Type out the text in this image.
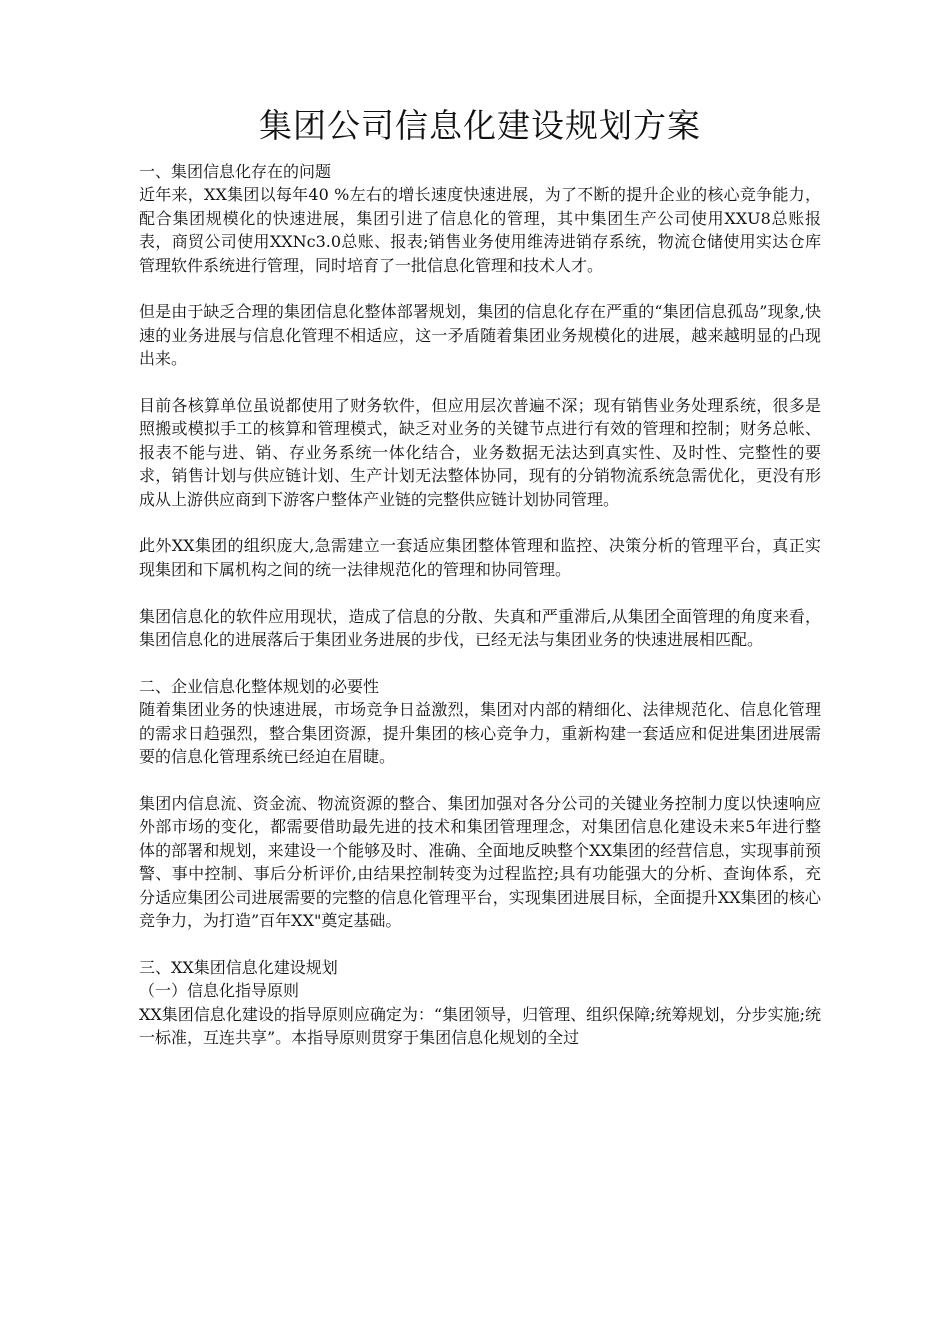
集团公司信息化建设规划方案

一、集团信息化存在的问题

近年来，XX集团以每年40 %左右的增长速度快速进展，为了不断的提升企业的核心竞争能力，配合集团规模化的快速进展，集团引进了信息化的管理，其中集团生产公司使用XXU8总账报表，商贸公司使用XXNc3.0总账、报表;销售业务使用维涛进销存系统，物流仓储使用实达仓库管理软件系统进行管理，同时培育了一批信息化管理和技术人才。

但是由于缺乏合理的集团信息化整体部署规划，集团的信息化存在严重的“集团信息孤岛”现象,快速的业务进展与信息化管理不相适应，这一矛盾随着集团业务规模化的进展，越来越明显的凸现出来。

目前各核算单位虽说都使用了财务软件，但应用层次普遍不深；现有销售业务处理系统，很多是照搬或模拟手工的核算和管理模式，缺乏对业务的关键节点进行有效的管理和控制；财务总帐、报表不能与进、销、存业务系统一体化结合，业务数据无法达到真实性、及时性、完整性的要求，销售计划与供应链计划、生产计划无法整体协同，现有的分销物流系统急需优化，更没有形成从上游供应商到下游客户整体产业链的完整供应链计划协同管理。

此外XX集团的组织庞大,急需建立一套适应集团整体管理和监控、决策分析的管理平台，真正实现集团和下属机构之间的统一法律规范化的管理和协同管理。

集团信息化的软件应用现状，造成了信息的分散、失真和严重滞后,从集团全面管理的角度来看，集团信息化的进展落后于集团业务进展的步伐，已经无法与集团业务的快速进展相匹配。

二、企业信息化整体规划的必要性

随着集团业务的快速进展，市场竞争日益激烈，集团对内部的精细化、法律规范化、信息化管理的需求日趋强烈，整合集团资源，提升集团的核心竞争力，重新构建一套适应和促进集团进展需要的信息化管理系统已经迫在眉睫。

集团内信息流、资金流、物流资源的整合、集团加强对各分公司的关键业务控制力度以快速响应外部市场的变化，都需要借助最先进的技术和集团管理理念，对集团信息化建设未来5年进行整体的部署和规划，来建设一个能够及时、准确、全面地反映整个XX集团的经营信息，实现事前预警、事中控制、事后分析评价,由结果控制转变为过程监控;具有功能强大的分析、查询体系，充分适应集团公司进展需要的完整的信息化管理平台，实现集团进展目标，全面提升XX集团的核心竞争力，为打造”百年XX"奠定基础。

三、XX集团信息化建设规划

（一）信息化指导原则

XX集团信息化建设的指导原则应确定为：“集团领导，归管理、组织保障;统筹规划，分步实施;统一标准，互连共享”。本指导原则贯穿于集团信息化规划的全过
